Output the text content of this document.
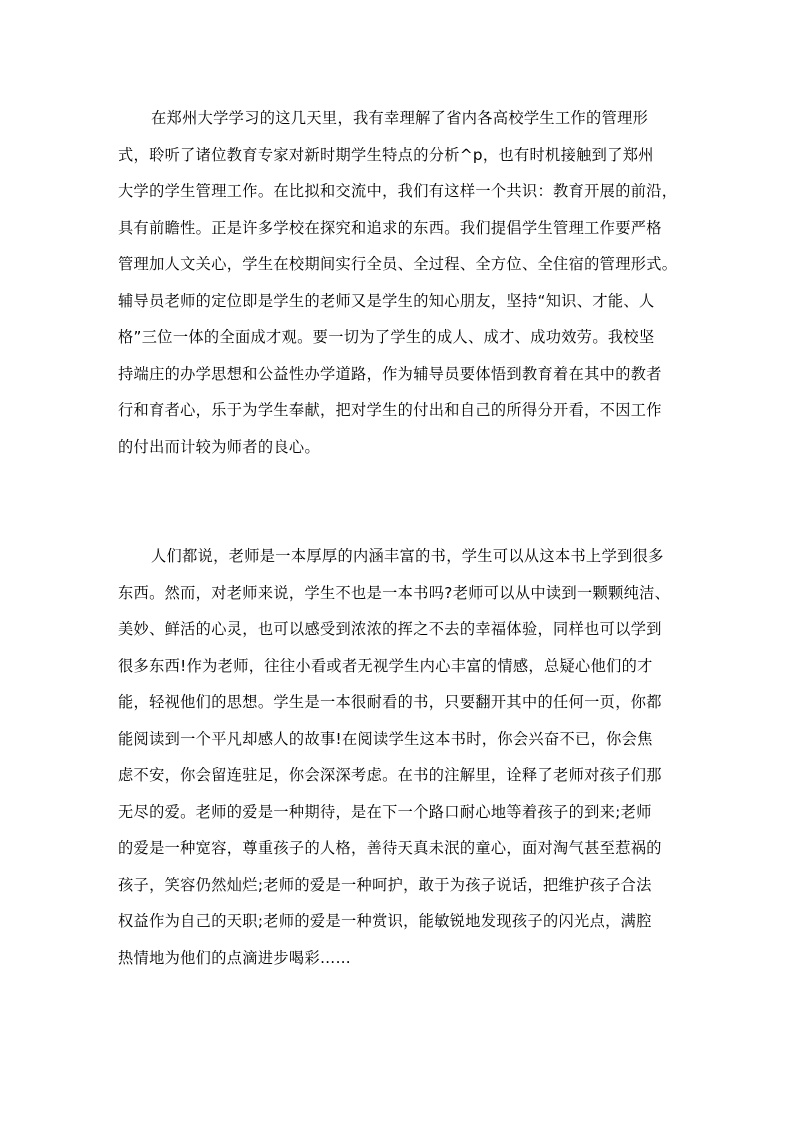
在郑州大学学习的这几天里，我有幸理解了省内各高校学生工作的管理形
式，聆听了诸位教育专家对新时期学生特点的分析^p，也有时机接触到了郑州
大学的学生管理工作。在比拟和交流中，我们有这样一个共识：教育开展的前沿，
具有前瞻性。正是许多学校在探究和追求的东西。我们提倡学生管理工作要严格
管理加人文关心，学生在校期间实行全员、全过程、全方位、全住宿的管理形式。
辅导员老师的定位即是学生的老师又是学生的知心朋友，坚持“知识、才能、人
格”三位一体的全面成才观。要一切为了学生的成人、成才、成功效劳。我校坚
持端庄的办学思想和公益性办学道路，作为辅导员要体悟到教育着在其中的教者
行和育者心，乐于为学生奉献，把对学生的付出和自己的所得分开看，不因工作
的付出而计较为师者的良心。

人们都说，老师是一本厚厚的内涵丰富的书，学生可以从这本书上学到很多
东西。然而，对老师来说，学生不也是一本书吗?老师可以从中读到一颗颗纯洁、
美妙、鲜活的心灵，也可以感受到浓浓的挥之不去的幸福体验，同样也可以学到
很多东西!作为老师，往往小看或者无视学生内心丰富的情感，总疑心他们的才
能，轻视他们的思想。学生是一本很耐看的书，只要翻开其中的任何一页，你都
能阅读到一个平凡却感人的故事!在阅读学生这本书时，你会兴奋不已，你会焦
虑不安，你会留连驻足，你会深深考虑。在书的注解里，诠释了老师对孩子们那
无尽的爱。老师的爱是一种期待，是在下一个路口耐心地等着孩子的到来;老师
的爱是一种宽容，尊重孩子的人格，善待天真未泯的童心，面对淘气甚至惹祸的
孩子，笑容仍然灿烂;老师的爱是一种呵护，敢于为孩子说话，把维护孩子合法
权益作为自己的天职;老师的爱是一种赏识，能敏锐地发现孩子的闪光点，满腔
热情地为他们的点滴进步喝彩……
